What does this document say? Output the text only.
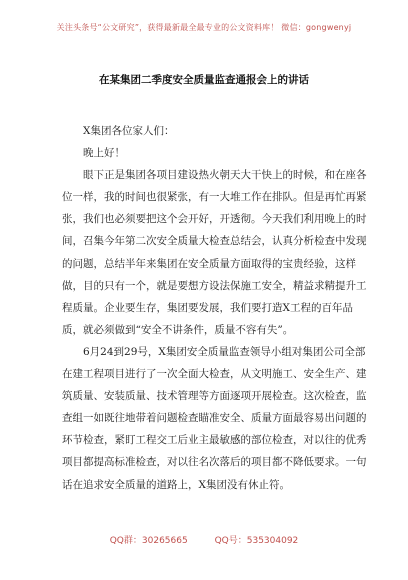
关注头条号“公文研究”，获得最新最全最专业的公文资料库！ 微信：gongwenyj
在某集团二季度安全质量监查通报会上的讲话

X集团各位家人们：

晚上好！

眼下正是集团各项目建设热火朝天大干快上的时候，和在座各位一样，我的时间也很紧张，有一大堆工作在排队。但是再忙再紧张，我们也必须要把这个会开好，开透彻。今天我们利用晚上的时间，召集今年第二次安全质量大检查总结会，认真分析检查中发现的问题，总结半年来集团在安全质量方面取得的宝贵经验，这样做，目的只有一个，就是要想方设法保施工安全，精益求精提升工程质量。企业要生存，集团要发展，我们要打造X工程的百年品质，就必须做到“安全不讲条件，质量不容有失”。

6月24到29号，X集团安全质量监查领导小组对集团公司全部在建工程项目进行了一次全面大检查，从文明施工、安全生产、建筑质量、安装质量、技术管理等方面逐项开展检查。这次检查，监查组一如既往地带着问题检查瞄准安全、质量方面最容易出问题的环节检查，紧盯工程交工后业主最敏感的部位检查，对以往的优秀项目都提高标准检查，对以往名次落后的项目都不降低要求。一句话在追求安全质量的道路上，X集团没有休止符。

QQ群：30265665	QQ号：535304092
